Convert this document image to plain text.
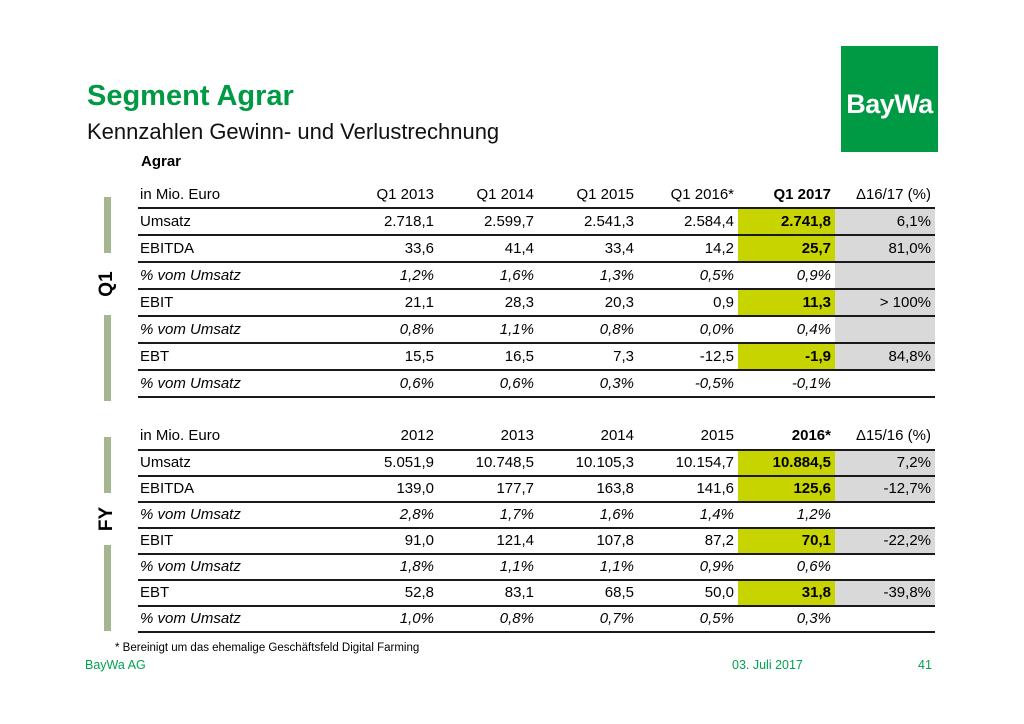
Segment Agrar
Kennzahlen Gewinn- und Verlustrechnung
BayWa
Agrar
Q1
FY
in Mio. Euro	Q1 2013	Q1 2014	Q1 2015	Q1 2016*	Q1 2017	Δ16/17 (%)
Umsatz	2.718,1	2.599,7	2.541,3	2.584,4	2.741,8	6,1%
EBITDA	33,6	41,4	33,4	14,2	25,7	81,0%
% vom Umsatz	1,2%	1,6%	1,3%	0,5%	0,9%	
EBIT	21,1	28,3	20,3	0,9	11,3	> 100%
% vom Umsatz	0,8%	1,1%	0,8%	0,0%	0,4%	
EBT	15,5	16,5	7,3	-12,5	-1,9	84,8%
% vom Umsatz	0,6%	0,6%	0,3%	-0,5%	-0,1%	
in Mio. Euro	2012	2013	2014	2015	2016*	Δ15/16 (%)
Umsatz	5.051,9	10.748,5	10.105,3	10.154,7	10.884,5	7,2%
EBITDA	139,0	177,7	163,8	141,6	125,6	-12,7%
% vom Umsatz	2,8%	1,7%	1,6%	1,4%	1,2%	
EBIT	91,0	121,4	107,8	87,2	70,1	-22,2%
% vom Umsatz	1,8%	1,1%	1,1%	0,9%	0,6%	
EBT	52,8	83,1	68,5	50,0	31,8	-39,8%
% vom Umsatz	1,0%	0,8%	0,7%	0,5%	0,3%	
* Bereinigt um das ehemalige Geschäftsfeld Digital Farming
BayWa AG	03. Juli 2017	41
